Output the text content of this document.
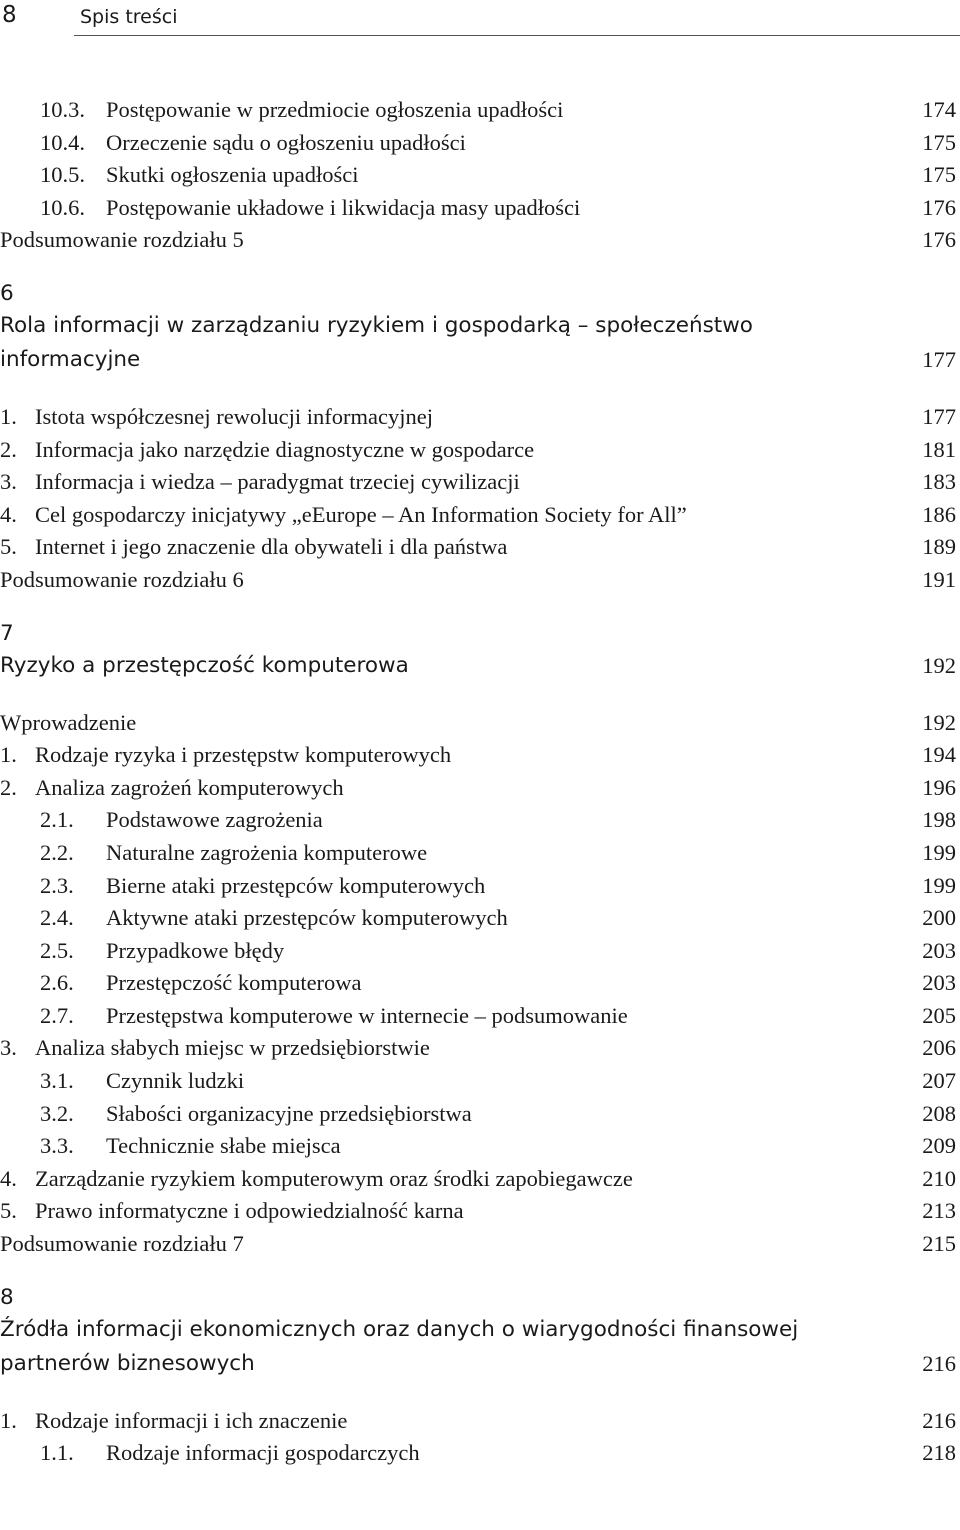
8	Spis treści
10.3. Postępowanie w przedmiocie ogłoszenia upadłości	174
10.4. Orzeczenie sądu o ogłoszeniu upadłości	175
10.5. Skutki ogłoszenia upadłości	175
10.6. Postępowanie układowe i likwidacja masy upadłości	176
Podsumowanie rozdziału 5	176
6
Rola informacji w zarządzaniu ryzykiem i gospodarką – społeczeństwo
informacyjne	177
1. Istota współczesnej rewolucji informacyjnej	177
2. Informacja jako narzędzie diagnostyczne w gospodarce	181
3. Informacja i wiedza – paradygmat trzeciej cywilizacji	183
4. Cel gospodarczy inicjatywy „eEurope – An Information Society for All”	186
5. Internet i jego znaczenie dla obywateli i dla państwa	189
Podsumowanie rozdziału 6	191
7
Ryzyko a przestępczość komputerowa	192
Wprowadzenie	192
1. Rodzaje ryzyka i przestępstw komputerowych	194
2. Analiza zagrożeń komputerowych	196
2.1. Podstawowe zagrożenia	198
2.2. Naturalne zagrożenia komputerowe	199
2.3. Bierne ataki przestępców komputerowych	199
2.4. Aktywne ataki przestępców komputerowych	200
2.5. Przypadkowe błędy	203
2.6. Przestępczość komputerowa	203
2.7. Przestępstwa komputerowe w internecie – podsumowanie	205
3. Analiza słabych miejsc w przedsiębiorstwie	206
3.1. Czynnik ludzki	207
3.2. Słabości organizacyjne przedsiębiorstwa	208
3.3. Technicznie słabe miejsca	209
4. Zarządzanie ryzykiem komputerowym oraz środki zapobiegawcze	210
5. Prawo informatyczne i odpowiedzialność karna	213
Podsumowanie rozdziału 7	215
8
Źródła informacji ekonomicznych oraz danych o wiarygodności finansowej
partnerów biznesowych	216
1. Rodzaje informacji i ich znaczenie	216
1.1. Rodzaje informacji gospodarczych	218
